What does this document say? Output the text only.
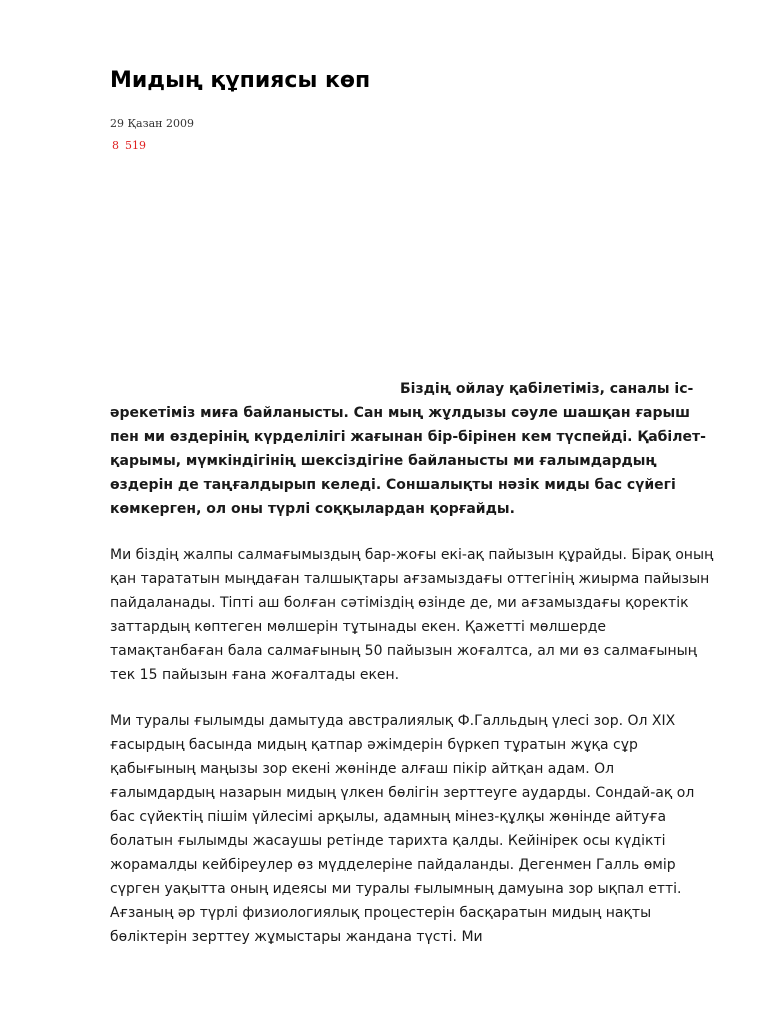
Мидың құпиясы көп
29 Қазан 2009
8 519

Біздің ойлау қабілетіміз, саналы іс-әрекетіміз миға байланысты. Сан мың жұлдызы сәуле шашқан ғарыш пен ми өздерінің күрделілігі жағынан бір-бірінен кем түспейді. Қабілет-қарымы, мүмкіндігінің шексіздігіне байланысты ми ғалымдардың өздерін де таңғалдырып келеді. Соншалықты нәзік миды бас сүйегі көмкерген, ол оны түрлі соққылардан қорғайды.

Ми біздің жалпы салмағымыздың бар-жоғы екі-ақ пайызын құрайды. Бірақ оның қан тарататын мыңдаған талшықтары ағзамыздағы оттегінің жиырма пайызын пайдаланады. Тіпті аш болған сәтіміздің өзінде де, ми ағзамыздағы қоректік заттардың көптеген мөлшерін тұтынады екен. Қажетті мөлшерде тамақтанбаған бала салмағының 50 пайызын жоғалтса, ал ми өз салмағының тек 15 пайызын ғана жоғалтады екен.

Ми туралы ғылымды дамытуда австралиялық Ф.Галльдың үлесі зор. Ол XIX ғасырдың басында мидың қатпар әжімдерін бүркеп тұратын жұқа сұр қабығының маңызы зор екені жөнінде алғаш пікір айтқан адам. Ол ғалымдардың назарын мидың үлкен бөлігін зерттеуге аударды. Сондай-ақ ол бас сүйектің пішім үйлесімі арқылы, адамның мінез-құлқы жөнінде айтуға болатын ғылымды жасаушы ретінде тарихта қалды. Кейінірек осы күдікті жорамалды кейбіреулер өз мүдделеріне пайдаланды. Дегенмен Галль өмір сүрген уақытта оның идеясы ми туралы ғылымның дамуына зор ықпал етті. Ағзаның әр түрлі физиологиялық процестерін басқаратын мидың нақты бөліктерін зерттеу жұмыстары жандана түсті. Ми
